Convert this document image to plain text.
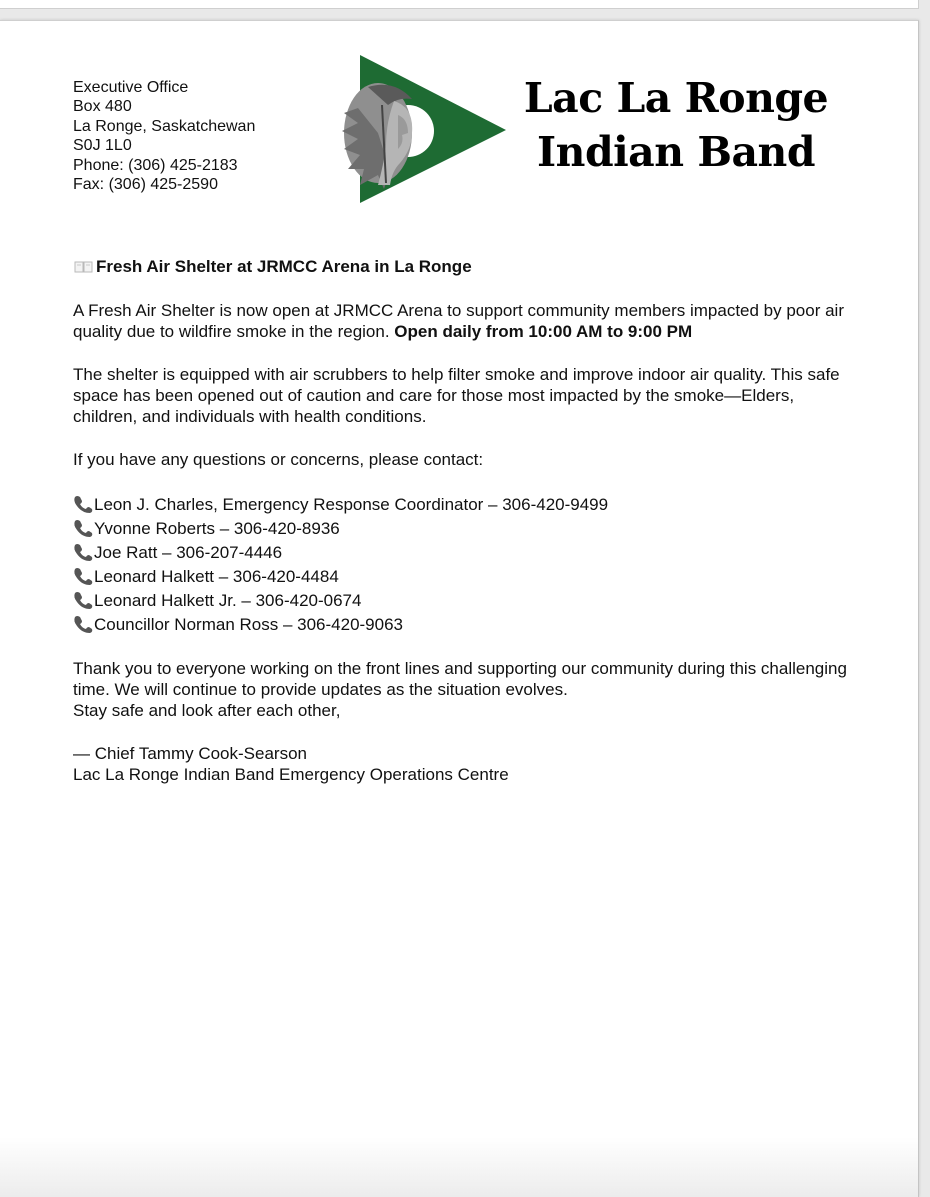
Executive Office
Box 480
La Ronge, Saskatchewan
S0J 1L0
Phone: (306) 425-2183
Fax: (306) 425-2590
Lac La Ronge
Indian Band
Fresh Air Shelter at JRMCC Arena in La Ronge

A Fresh Air Shelter is now open at JRMCC Arena to support community members impacted by poor air quality due to wildfire smoke in the region. Open daily from 10:00 AM to 9:00 PM

The shelter is equipped with air scrubbers to help filter smoke and improve indoor air quality. This safe space has been opened out of caution and care for those most impacted by the smoke—Elders, children, and individuals with health conditions.

If you have any questions or concerns, please contact:

Leon J. Charles, Emergency Response Coordinator – 306-420-9499
Yvonne Roberts – 306-420-8936
Joe Ratt – 306-207-4446
Leonard Halkett – 306-420-4484
Leonard Halkett Jr. – 306-420-0674
Councillor Norman Ross – 306-420-9063

Thank you to everyone working on the front lines and supporting our community during this challenging time. We will continue to provide updates as the situation evolves.

Stay safe and look after each other,

— Chief Tammy Cook-Searson
Lac La Ronge Indian Band Emergency Operations Centre
